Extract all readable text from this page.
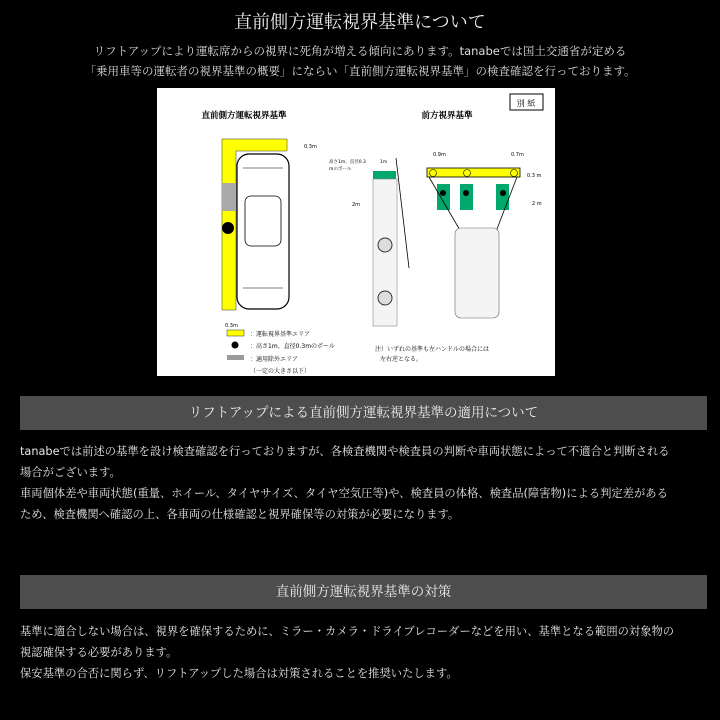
直前側方運転視界基準について
リフトアップにより運転席からの視界に死角が増える傾向にあります。tanabeでは国土交通省が定める
「乗用車等の運転者の視界基準の概要」にならい「直前側方運転視界基準」の検査確認を行っております。
別 紙
直前側方運転視界基準	前方視界基準
0.3m
0.3m
：運転視界基準エリア
：高さ1m、直径0.3mのポール
：適用除外エリア
（一定の大きさ以下）
高さ1m、直径0.3
mのポール
1m
2m
0.9m	0.7m
0.3 m
2 m
注）いずれの基準も左ハンドルの場合には
左右逆となる。
リフトアップによる直前側方運転視界基準の適用について
tanabeでは前述の基準を設け検査確認を行っておりますが、各検査機関や検査員の判断や車両状態によって不適合と判断される
場合がございます。
車両個体差や車両状態(重量、ホイール、タイヤサイズ、タイヤ空気圧等)や、検査員の体格、検査品(障害物)による判定差がある
ため、検査機関へ確認の上、各車両の仕様確認と視界確保等の対策が必要になります。
直前側方運転視界基準の対策
基準に適合しない場合は、視界を確保するために、ミラー・カメラ・ドライブレコーダーなどを用い、基準となる範囲の対象物の
視認確保する必要があります。
保安基準の合否に関らず、リフトアップした場合は対策されることを推奨いたします。
